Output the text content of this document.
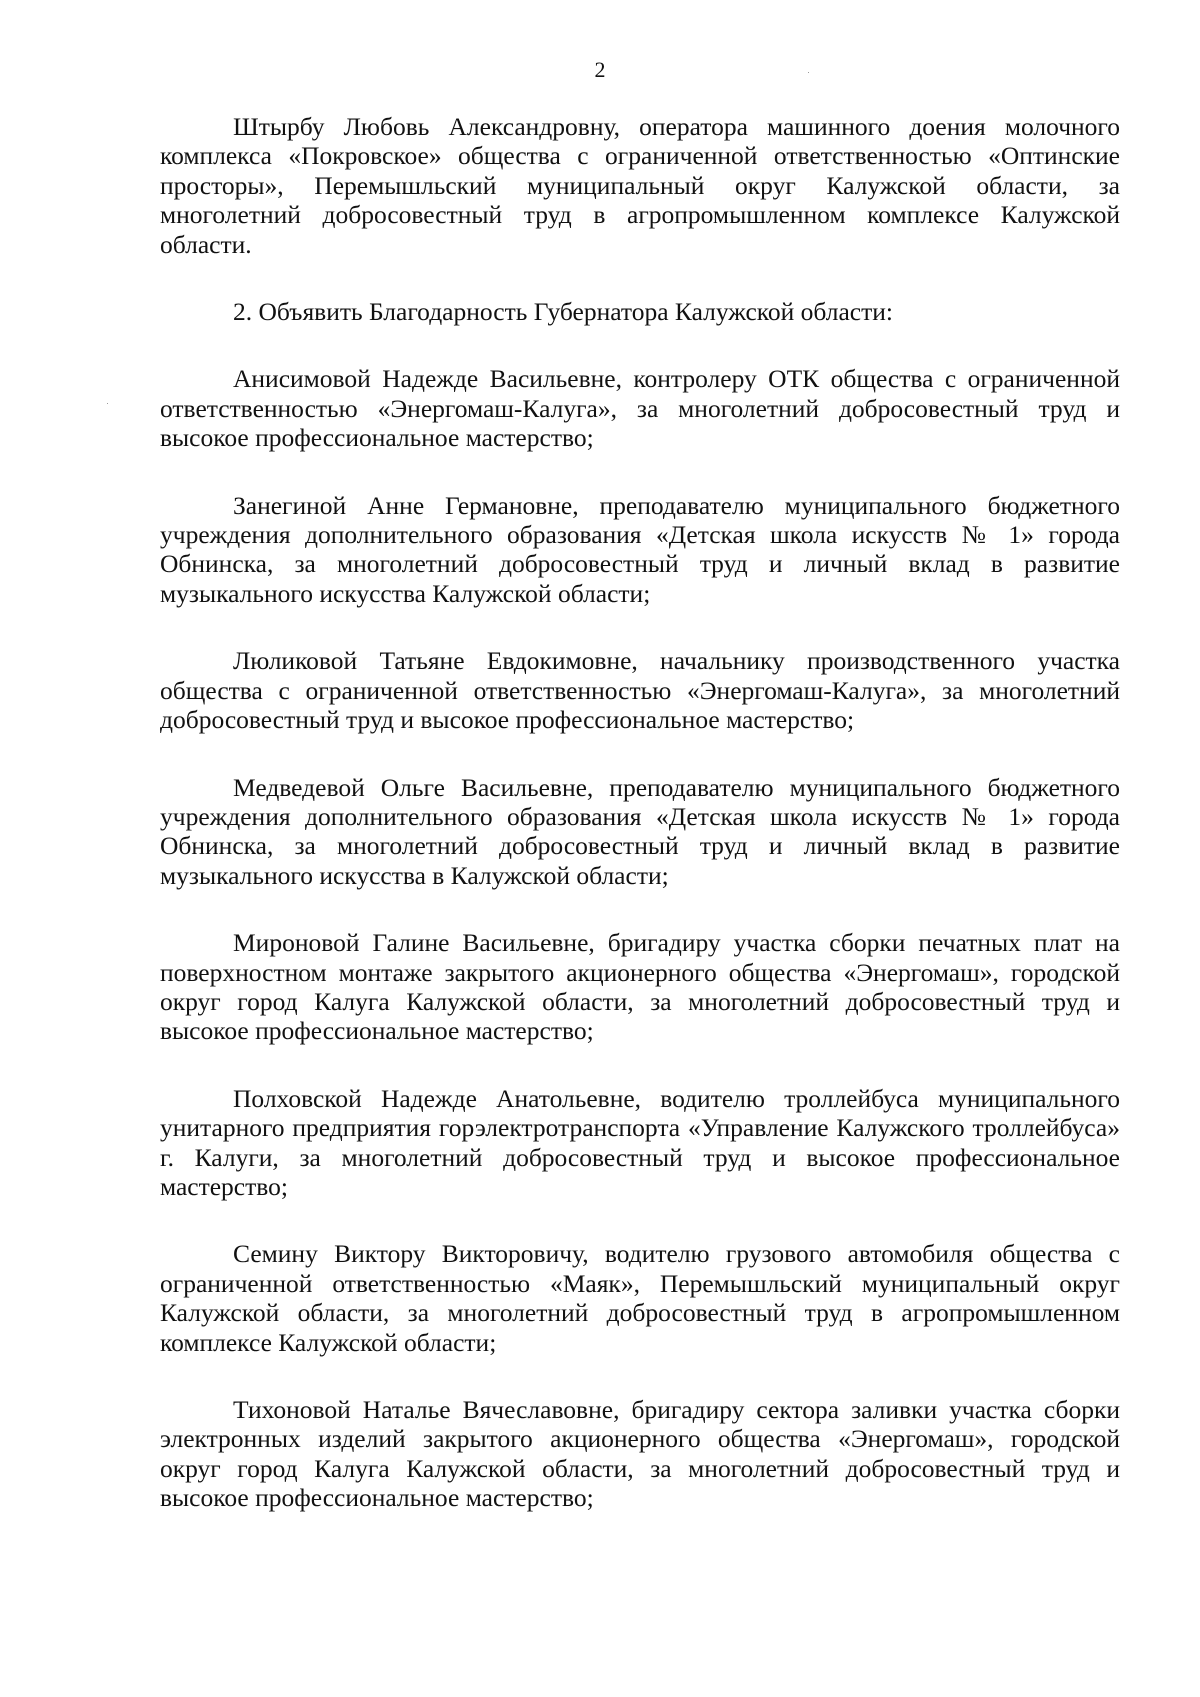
2

Штырбу Любовь Александровну, оператора машинного доения молочного комплекса «Покровское» общества с ограниченной ответственностью «Оптинские просторы», Перемышльский муниципальный округ Калужской области, за многолетний добросовестный труд в агропромышленном комплексе Калужской области.

2. Объявить Благодарность Губернатора Калужской области:

Анисимовой Надежде Васильевне, контролеру ОТК общества с ограниченной ответственностью «Энергомаш-Калуга», за многолетний добросовестный труд и высокое профессиональное мастерство;

Занегиной Анне Германовне, преподавателю муниципального бюджетного учреждения дополнительного образования «Детская школа искусств № 1» города Обнинска, за многолетний добросовестный труд и личный вклад в развитие музыкального искусства Калужской области;

Люликовой Татьяне Евдокимовне, начальнику производственного участка общества с ограниченной ответственностью «Энергомаш-Калуга», за многолетний добросовестный труд и высокое профессиональное мастерство;

Медведевой Ольге Васильевне, преподавателю муниципального бюджетного учреждения дополнительного образования «Детская школа искусств № 1» города Обнинска, за многолетний добросовестный труд и личный вклад в развитие музыкального искусства в Калужской области;

Мироновой Галине Васильевне, бригадиру участка сборки печатных плат на поверхностном монтаже закрытого акционерного общества «Энергомаш», городской округ город Калуга Калужской области, за многолетний добросовестный труд и высокое профессиональное мастерство;

Полховской Надежде Анатольевне, водителю троллейбуса муниципального унитарного предприятия горэлектротранспорта «Управление Калужского троллейбуса» г. Калуги, за многолетний добросовестный труд и высокое профессиональное мастерство;

Семину Виктору Викторовичу, водителю грузового автомобиля общества с ограниченной ответственностью «Маяк», Перемышльский муниципальный округ Калужской области, за многолетний добросовестный труд в агропромышленном комплексе Калужской области;

Тихоновой Наталье Вячеславовне, бригадиру сектора заливки участка сборки электронных изделий закрытого акционерного общества «Энергомаш», городской округ город Калуга Калужской области, за многолетний добросовестный труд и высокое профессиональное мастерство;
